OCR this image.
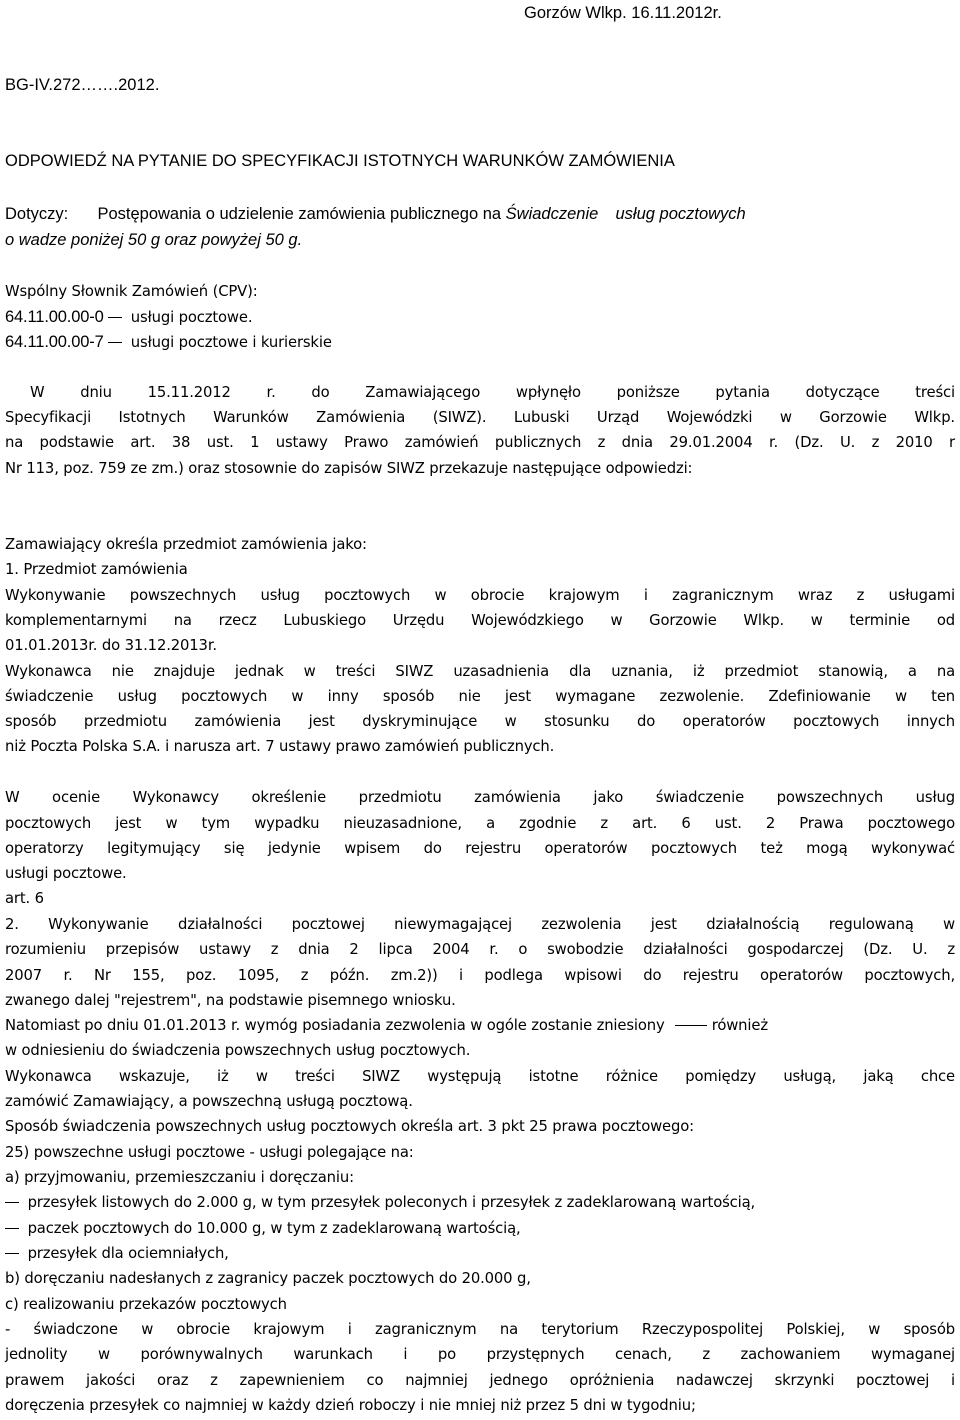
Gorzów Wlkp. 16.11.2012r.
BG-IV.272…….2012.
ODPOWIEDŹ NA PYTANIE DO SPECYFIKACJI ISTOTNYCH WARUNKÓW ZAMÓWIENIA
Dotyczy: Postępowania o udzielenie zamówienia publicznego na Świadczenie usług pocztowych
o wadze poniżej 50 g oraz powyżej 50 g.
Wspólny Słownik Zamówień (CPV):
64.11.00.00-0 usługi pocztowe.
64.11.00.00-7 usługi pocztowe i kurierskie
W dniu 15.11.2012 r. do Zamawiającego wpłynęło poniższe pytania dotyczące treści
Specyfikacji Istotnych Warunków Zamówienia (SIWZ). Lubuski Urząd Wojewódzki w Gorzowie Wlkp.
na podstawie art. 38 ust. 1 ustawy Prawo zamówień publicznych z dnia 29.01.2004 r. (Dz. U. z 2010 r
Nr 113, poz. 759 ze zm.) oraz stosownie do zapisów SIWZ przekazuje następujące odpowiedzi:
Zamawiający określa przedmiot zamówienia jako:
1. Przedmiot zamówienia
Wykonywanie powszechnych usług pocztowych w obrocie krajowym i zagranicznym wraz z usługami
komplementarnymi na rzecz Lubuskiego Urzędu Wojewódzkiego w Gorzowie Wlkp. w terminie od
01.01.2013r. do 31.12.2013r.
Wykonawca nie znajduje jednak w treści SIWZ uzasadnienia dla uznania, iż przedmiot stanowią, a na
świadczenie usług pocztowych w inny sposób nie jest wymagane zezwolenie. Zdefiniowanie w ten
sposób przedmiotu zamówienia jest dyskryminujące w stosunku do operatorów pocztowych innych
niż Poczta Polska S.A. i narusza art. 7 ustawy prawo zamówień publicznych.
W ocenie Wykonawcy określenie przedmiotu zamówienia jako świadczenie powszechnych usług
pocztowych jest w tym wypadku nieuzasadnione, a zgodnie z art. 6 ust. 2 Prawa pocztowego
operatorzy legitymujący się jedynie wpisem do rejestru operatorów pocztowych też mogą wykonywać
usługi pocztowe.
art. 6
2. Wykonywanie działalności pocztowej niewymagającej zezwolenia jest działalnością regulowaną w
rozumieniu przepisów ustawy z dnia 2 lipca 2004 r. o swobodzie działalności gospodarczej (Dz. U. z
2007 r. Nr 155, poz. 1095, z późn. zm.2)) i podlega wpisowi do rejestru operatorów pocztowych,
zwanego dalej "rejestrem", na podstawie pisemnego wniosku.
Natomiast po dniu 01.01.2013 r. wymóg posiadania zezwolenia w ogóle zostanie zniesiony	również
w odniesieniu do świadczenia powszechnych usług pocztowych.
Wykonawca wskazuje, iż w treści SIWZ występują istotne różnice pomiędzy usługą, jaką chce
zamówić Zamawiający, a powszechną usługą pocztową.
Sposób świadczenia powszechnych usług pocztowych określa art. 3 pkt 25 prawa pocztowego:
25) powszechne usługi pocztowe - usługi polegające na:
a) przyjmowaniu, przemieszczaniu i doręczaniu:
przesyłek listowych do 2.000 g, w tym przesyłek poleconych i przesyłek z zadeklarowaną wartością,
paczek pocztowych do 10.000 g, w tym z zadeklarowaną wartością,
przesyłek dla ociemniałych,
b) doręczaniu nadesłanych z zagranicy paczek pocztowych do 20.000 g,
c) realizowaniu przekazów pocztowych
- świadczone w obrocie krajowym i zagranicznym na terytorium Rzeczypospolitej Polskiej, w sposób
jednolity w porównywalnych warunkach i po przystępnych cenach, z zachowaniem wymaganej
prawem jakości oraz z zapewnieniem co najmniej jednego opróżnienia nadawczej skrzynki pocztowej i
doręczenia przesyłek co najmniej w każdy dzień roboczy i nie mniej niż przez 5 dni w tygodniu;
